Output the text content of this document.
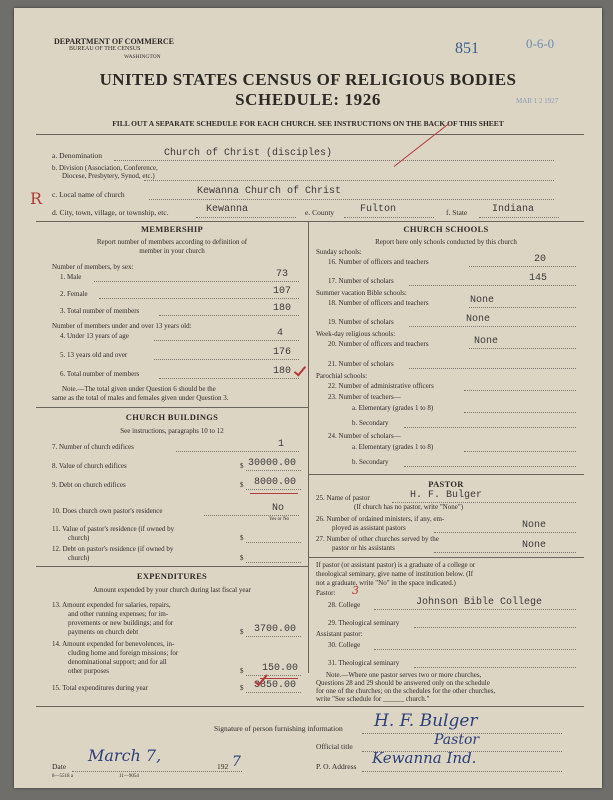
DEPARTMENT OF COMMERCE
BUREAU OF THE CENSUS
WASHINGTON	851	0-6-0
MAR 1 2 1927
UNITED STATES CENSUS OF RELIGIOUS BODIES
SCHEDULE: 1926
FILL OUT A SEPARATE SCHEDULE FOR EACH CHURCH. SEE INSTRUCTIONS ON THE BACK OF THIS SHEET
a. Denomination	Church of Christ (disciples)
b. Division (Association, Conference,
Diocese, Presbytery, Synod, etc.)
R c. Local name of church	Kewanna Church of Christ
d. City, town, village, or township, etc.	Kewanna	e. County	Fulton	f. State Indiana
MEMBERSHIP
Report number of members according to definition of
member in your church
Number of members, by sex:
1. Male	73
2. Female	107
3. Total number of members	180
Number of members under and over 13 years old:
4. Under 13 years of age	4
5. 13 years old and over	176
6. Total number of members	180
Note.—The total given under Question 6 should be the
same as the total of males and females given under Question 3.
CHURCH BUILDINGS
See instructions, paragraphs 10 to 12
7. Number of church edifices	1
8. Value of church edifices	$ 30000.00
9. Debt on church edifices	$ 8000.00
10. Does church own pastor's residence	No
Yes or No
11. Value of pastor's residence (if owned by
church)	$
12. Debt on pastor's residence (if owned by
church)	$
EXPENDITURES
Amount expended by your church during last fiscal year
13. Amount expended for salaries, repairs,
and other running expenses; for im-
provements or new buildings; and for
payments on church debt	$ 3700.00
14. Amount expended for benevolences, in-
cluding home and foreign missions; for
denominational support; and for all
other purposes	$ 150.00
15. Total expenditures during year	$ 3850.00
CHURCH SCHOOLS
Report here only schools conducted by this church
Sunday schools:
16. Number of officers and teachers	20
17. Number of scholars	145
Summer vacation Bible schools:
18. Number of officers and teachers	None
19. Number of scholars	None
Week-day religious schools:
20. Number of officers and teachers	None
21. Number of scholars
Parochial schools:
22. Number of administrative officers
23. Number of teachers—
a. Elementary (grades 1 to 8)
b. Secondary
24. Number of scholars—
a. Elementary (grades 1 to 8)
b. Secondary
PASTOR
25. Name of pastor	H. F. Bulger
(If church has no pastor, write "None")
26. Number of ordained ministers, if any, em-
ployed as assistant pastors	None
27. Number of other churches served by the
pastor or his assistants	None
If pastor (or assistant pastor) is a graduate of a college or
theological seminary, give name of institution below. (If
not a graduate, write "No" in the space indicated.)
Pastor: 3
28. College	Johnson Bible College
29. Theological seminary
Assistant pastor:
30. College
31. Theological seminary
Note.—Where one pastor serves two or more churches,
Questions 28 and 29 should be answered only on the schedule
for one of the churches; on the schedules for the other churches,
write "See schedule for ______ church."
Signature of person furnishing information H. F. Bulger
Official title	Pastor
Date
March 7,
192 7	P. O. Address Kewanna Ind.
8—5518 a	11—9054
